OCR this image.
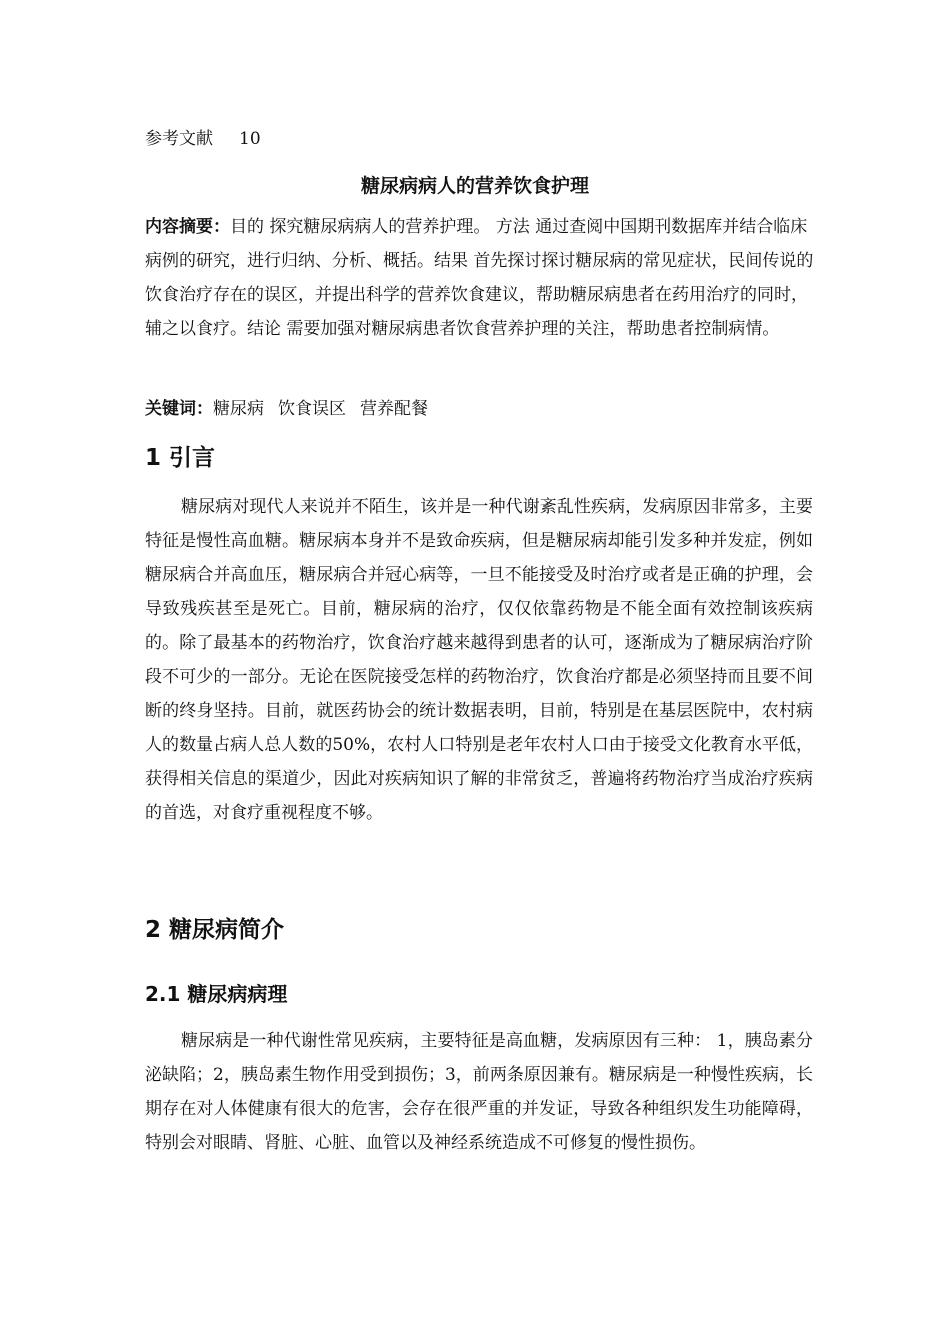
参考文献 10
糖尿病病人的营养饮食护理
内容摘要：目的 探究糖尿病病人的营养护理。 方法 通过查阅中国期刊数据库并结合临床病例的研究，进行归纳、分析、概括。结果 首先探讨探讨糖尿病的常见症状，民间传说的饮食治疗存在的误区，并提出科学的营养饮食建议，帮助糖尿病患者在药用治疗的同时，辅之以食疗。结论 需要加强对糖尿病患者饮食营养护理的关注，帮助患者控制病情。
关键词：糖尿病 饮食误区 营养配餐
1 引言
糖尿病对现代人来说并不陌生，该并是一种代谢紊乱性疾病，发病原因非常多，主要特征是慢性高血糖。糖尿病本身并不是致命疾病，但是糖尿病却能引发多种并发症，例如糖尿病合并高血压，糖尿病合并冠心病等，一旦不能接受及时治疗或者是正确的护理，会导致残疾甚至是死亡。目前，糖尿病的治疗，仅仅依靠药物是不能全面有效控制该疾病的。除了最基本的药物治疗，饮食治疗越来越得到患者的认可，逐渐成为了糖尿病治疗阶段不可少的一部分。无论在医院接受怎样的药物治疗，饮食治疗都是必须坚持而且要不间断的终身坚持。目前，就医药协会的统计数据表明，目前，特别是在基层医院中，农村病人的数量占病人总人数的50%，农村人口特别是老年农村人口由于接受文化教育水平低，获得相关信息的渠道少，因此对疾病知识了解的非常贫乏，普遍将药物治疗当成治疗疾病的首选，对食疗重视程度不够。
2 糖尿病简介
2.1 糖尿病病理
糖尿病是一种代谢性常见疾病，主要特征是高血糖，发病原因有三种： 1，胰岛素分泌缺陷；2，胰岛素生物作用受到损伤；3，前两条原因兼有。糖尿病是一种慢性疾病，长期存在对人体健康有很大的危害，会存在很严重的并发证，导致各种组织发生功能障碍，特别会对眼睛、肾脏、心脏、血管以及神经系统造成不可修复的慢性损伤。
